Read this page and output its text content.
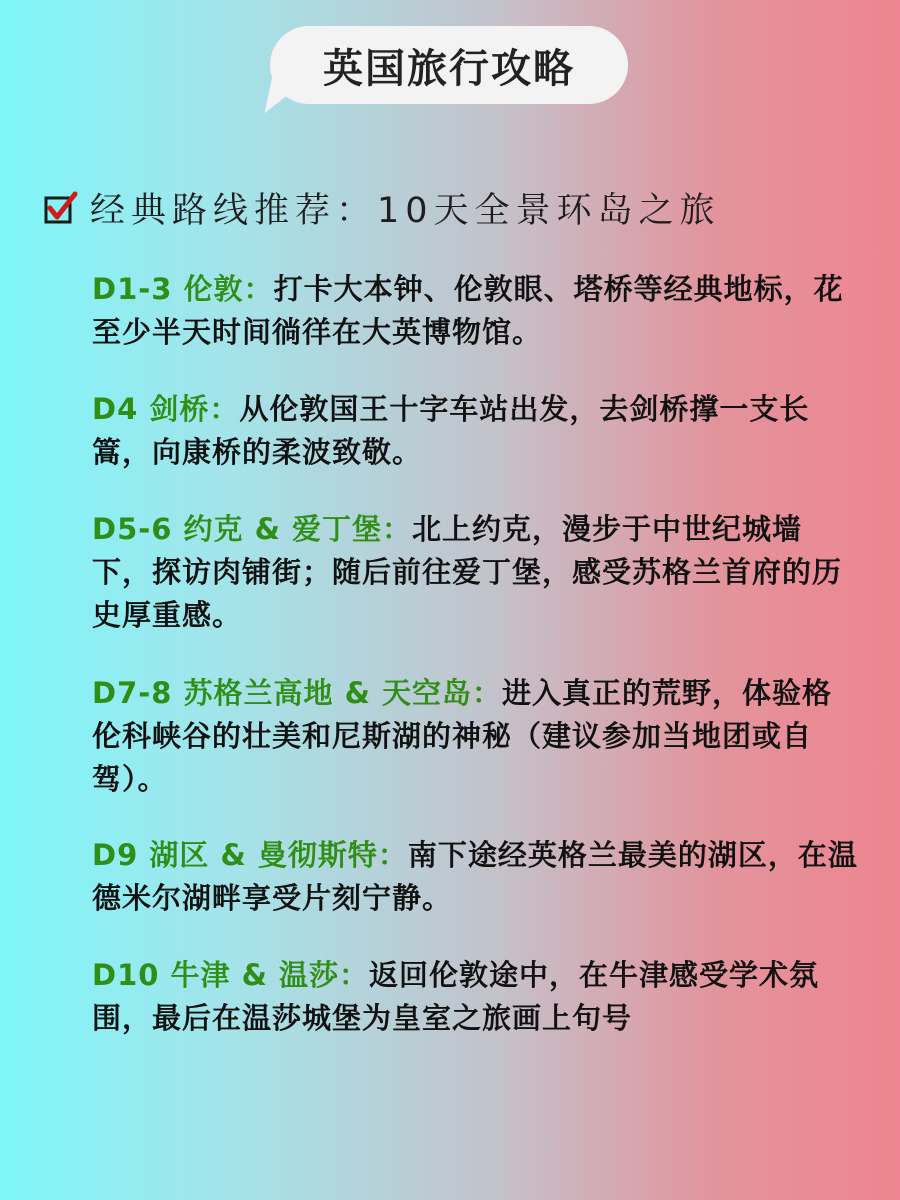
英国旅行攻略
经典路线推荐：10天全景环岛之旅
D1-3 伦敦：打卡大本钟、伦敦眼、塔桥等经典地标，花至少半天时间徜徉在大英博物馆。
D4 剑桥：从伦敦国王十字车站出发，去剑桥撑一支长篙，向康桥的柔波致敬。
D5-6 约克 & 爱丁堡：北上约克，漫步于中世纪城墙下，探访肉铺街；随后前往爱丁堡，感受苏格兰首府的历史厚重感。
D7-8 苏格兰高地 & 天空岛：进入真正的荒野，体验格伦科峡谷的壮美和尼斯湖的神秘（建议参加当地团或自驾）。
D9 湖区 & 曼彻斯特：南下途经英格兰最美的湖区，在温德米尔湖畔享受片刻宁静。
D10 牛津 & 温莎：返回伦敦途中，在牛津感受学术氛围，最后在温莎城堡为皇室之旅画上句号
